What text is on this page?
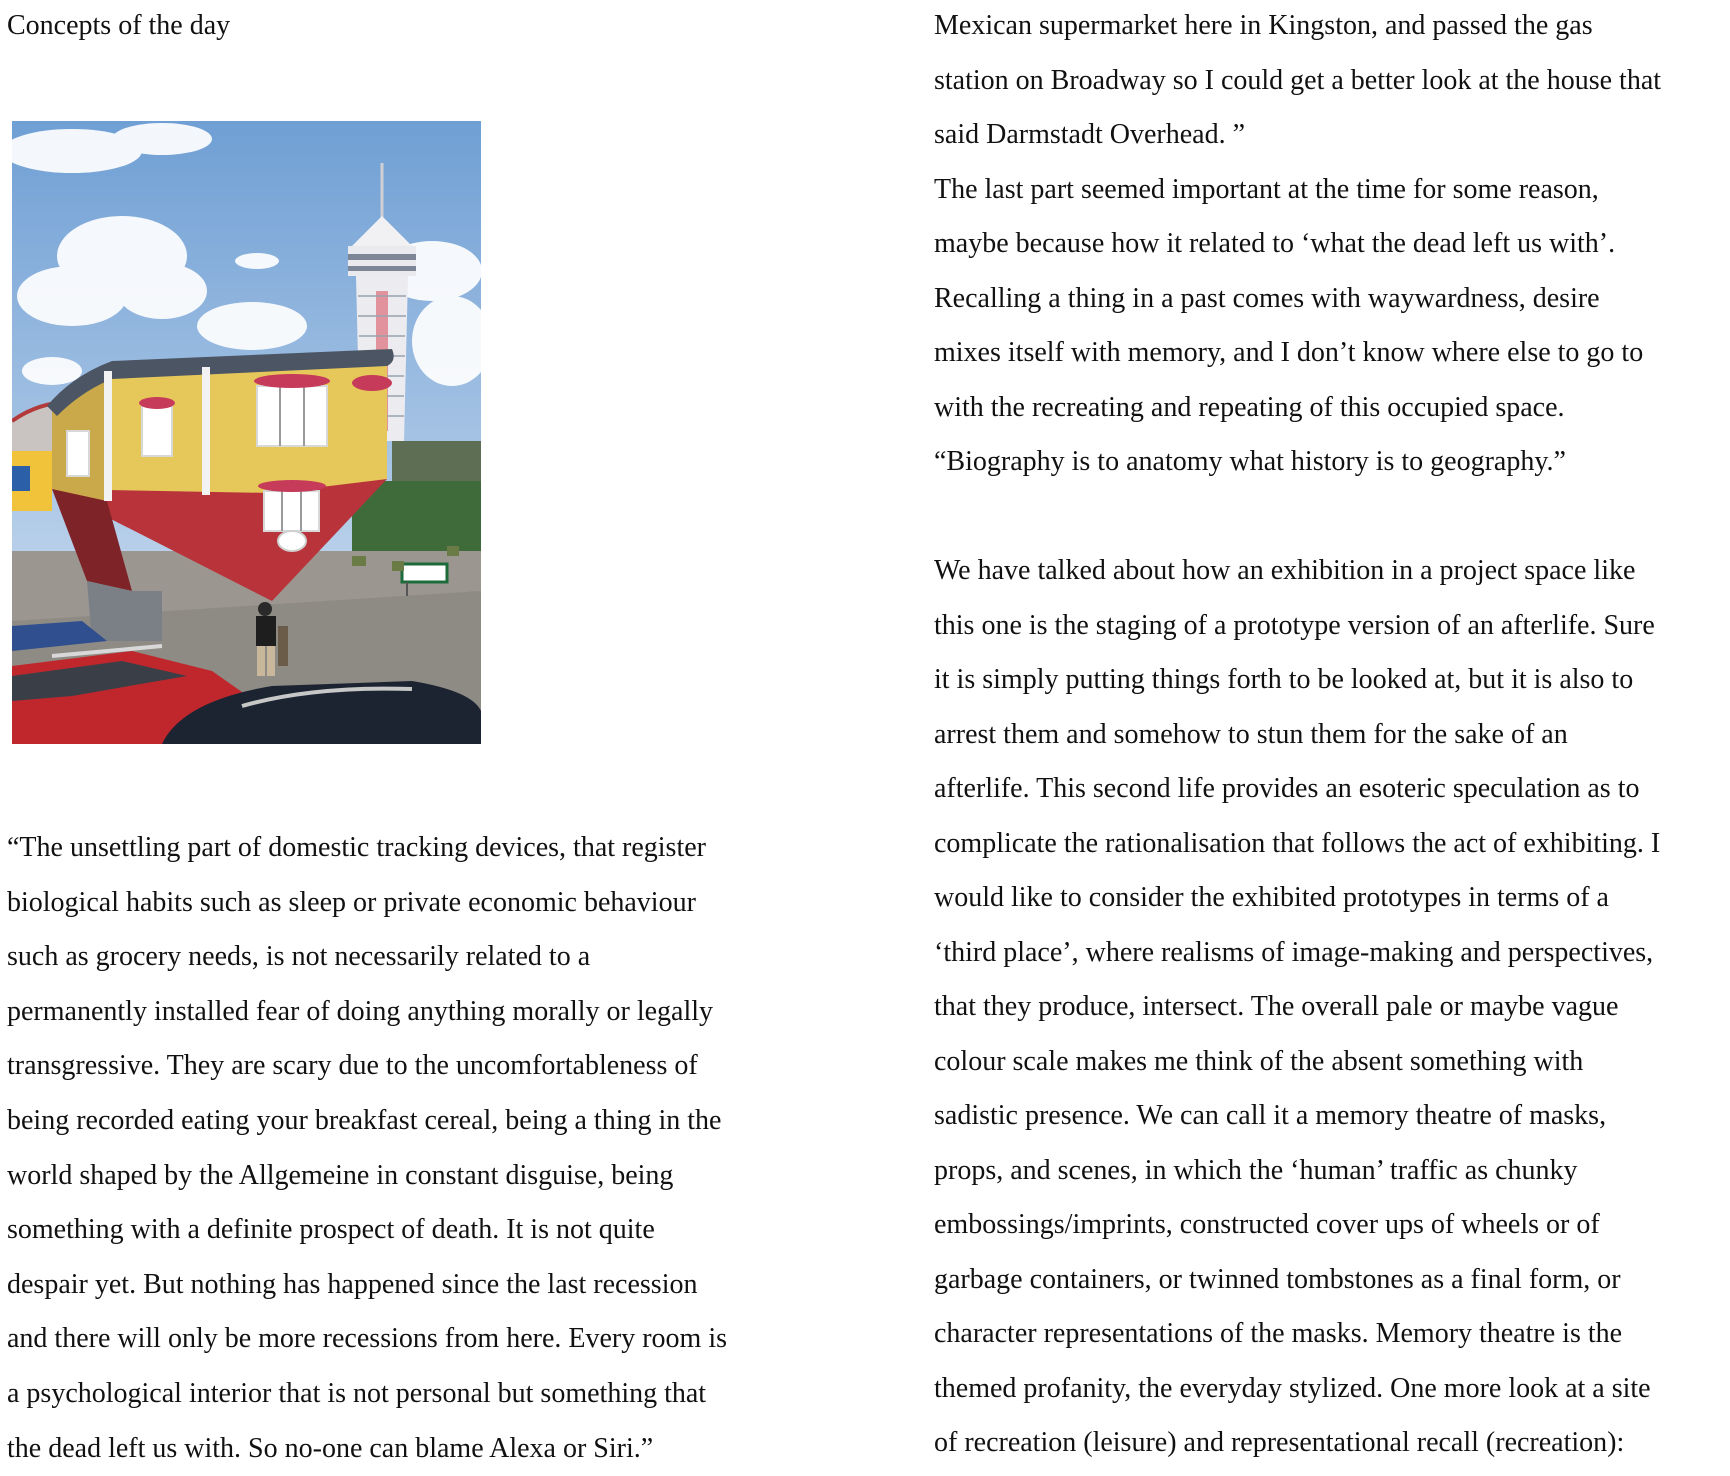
Concepts of the day
“The unsettling part of domestic tracking devices, that register
biological habits such as sleep or private economic behaviour
such as grocery needs, is not necessarily related to a
permanently installed fear of doing anything morally or legally
transgressive. They are scary due to the uncomfortableness of
being recorded eating your breakfast cereal, being a thing in the
world shaped by the Allgemeine in constant disguise, being
something with a definite prospect of death. It is not quite
despair yet. But nothing has happened since the last recession
and there will only be more recessions from here. Every room is
a psychological interior that is not personal but something that
the dead left us with. So no-one can blame Alexa or Siri.”
Mexican supermarket here in Kingston, and passed the gas
station on Broadway so I could get a better look at the house that
said Darmstadt Overhead. ”
The last part seemed important at the time for some reason,
maybe because how it related to ‘what the dead left us with’.
Recalling a thing in a past comes with waywardness, desire
mixes itself with memory, and I don’t know where else to go to
with the recreating and repeating of this occupied space.
“Biography is to anatomy what history is to geography.”
We have talked about how an exhibition in a project space like
this one is the staging of a prototype version of an afterlife. Sure
it is simply putting things forth to be looked at, but it is also to
arrest them and somehow to stun them for the sake of an
afterlife. This second life provides an esoteric speculation as to
complicate the rationalisation that follows the act of exhibiting. I
would like to consider the exhibited prototypes in terms of a
‘third place’, where realisms of image-making and perspectives,
that they produce, intersect. The overall pale or maybe vague
colour scale makes me think of the absent something with
sadistic presence. We can call it a memory theatre of masks,
props, and scenes, in which the ‘human’ traffic as chunky
embossings/imprints, constructed cover ups of wheels or of
garbage containers, or twinned tombstones as a final form, or
character representations of the masks. Memory theatre is the
themed profanity, the everyday stylized. One more look at a site
of recreation (leisure) and representational recall (recreation):
